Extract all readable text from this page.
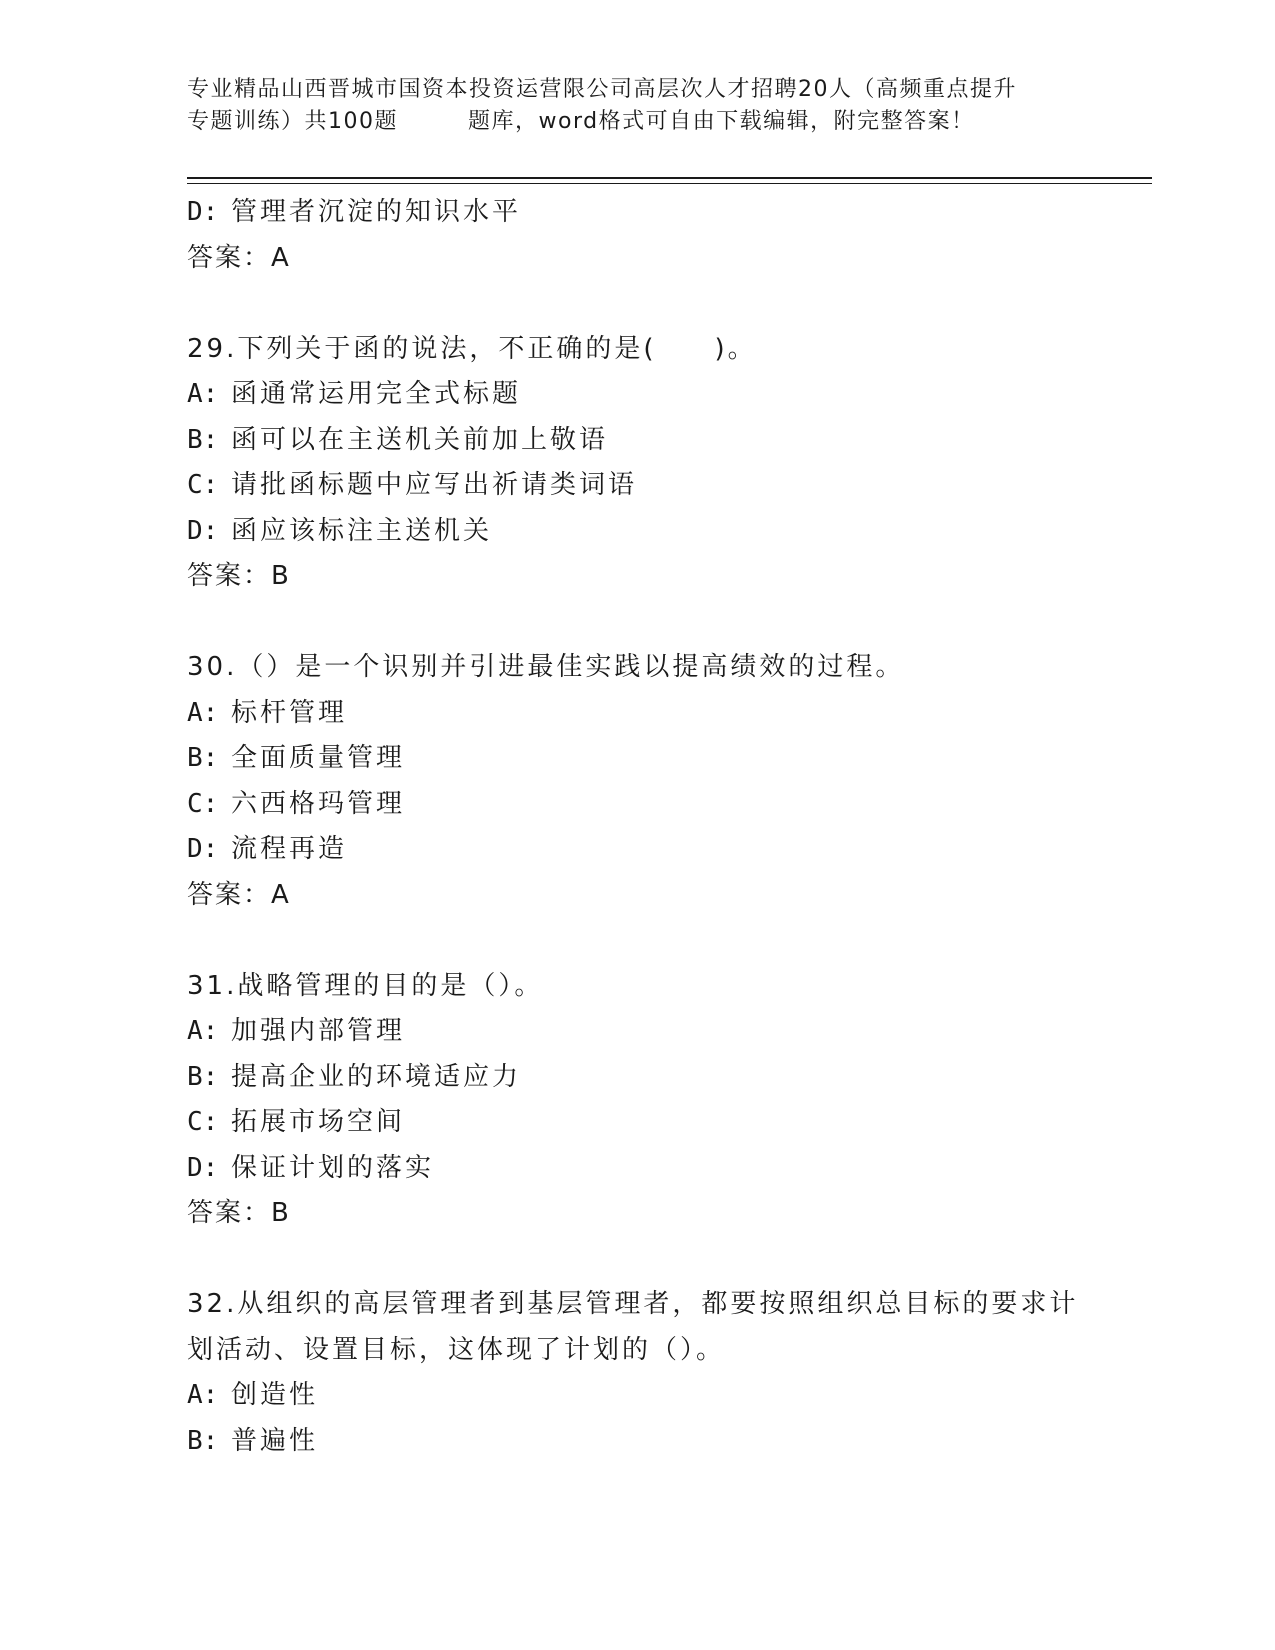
专业精品山西晋城市国资本投资运营限公司高层次人才招聘20人（高频重点提升
专题训练）共100题	题库，word格式可自由下载编辑，附完整答案！
D: 管理者沉淀的知识水平
答案：A
29.下列关于函的说法，不正确的是(　　)。
A: 函通常运用完全式标题
B: 函可以在主送机关前加上敬语
C: 请批函标题中应写出祈请类词语
D: 函应该标注主送机关
答案：B
30.（）是一个识别并引进最佳实践以提高绩效的过程。
A: 标杆管理
B: 全面质量管理
C: 六西格玛管理
D: 流程再造
答案：A
31.战略管理的目的是（）。
A: 加强内部管理
B: 提高企业的环境适应力
C: 拓展市场空间
D: 保证计划的落实
答案：B
32.从组织的高层管理者到基层管理者，都要按照组织总目标的要求计
划活动、设置目标，这体现了计划的（）。
A: 创造性
B: 普遍性
